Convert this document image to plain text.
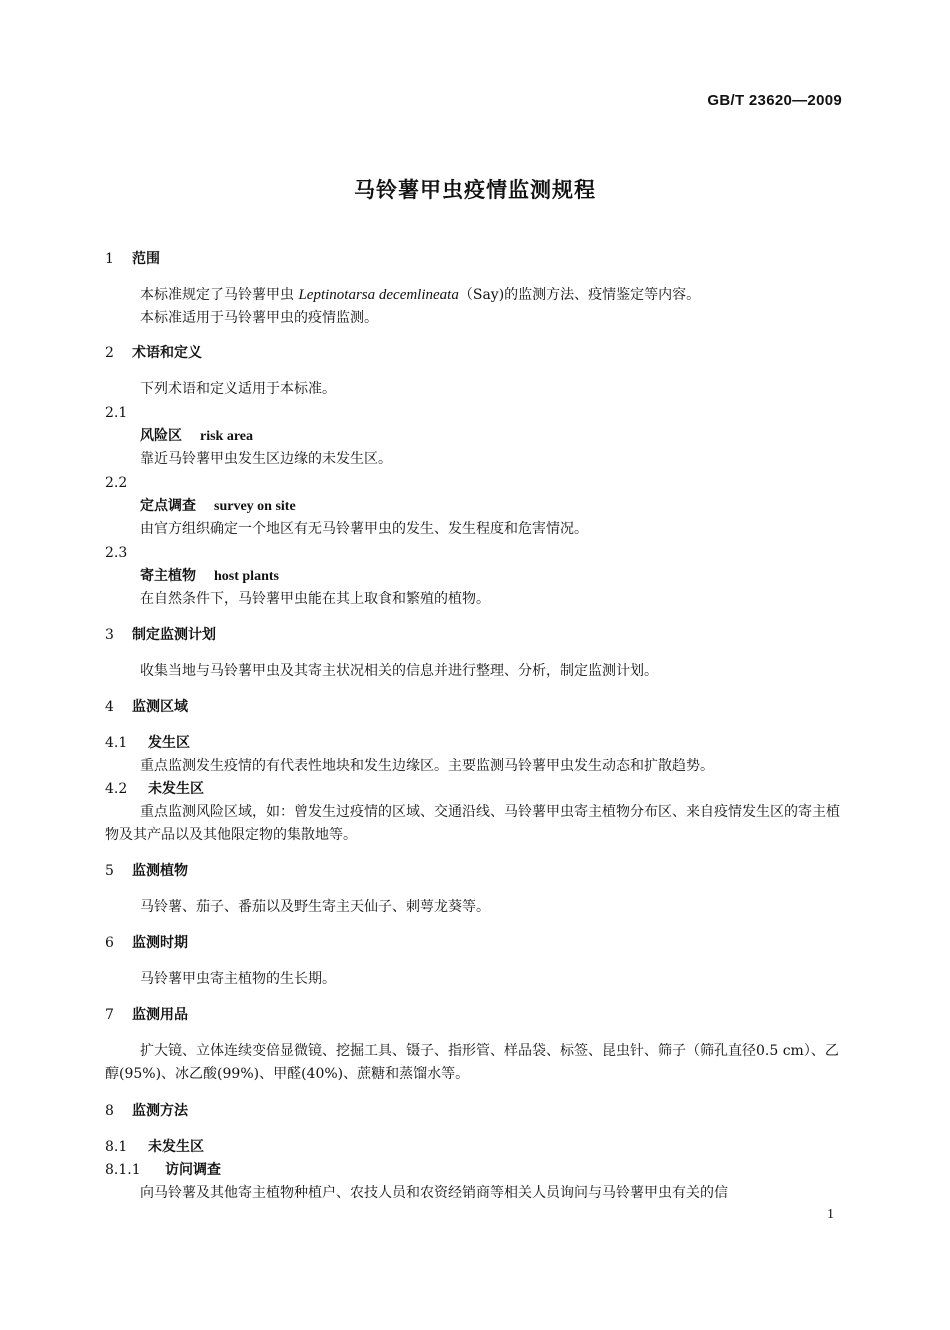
GB/T 23620—2009
马铃薯甲虫疫情监测规程
1 范围
本标准规定了马铃薯甲虫 Leptinotarsa decemlineata（Say)的监测方法、疫情鉴定等内容。
本标准适用于马铃薯甲虫的疫情监测。
2 术语和定义
下列术语和定义适用于本标准。
2.1
风险区 risk area
靠近马铃薯甲虫发生区边缘的未发生区。
2.2
定点调查 survey on site
由官方组织确定一个地区有无马铃薯甲虫的发生、发生程度和危害情况。
2.3
寄主植物 host plants
在自然条件下，马铃薯甲虫能在其上取食和繁殖的植物。
3 制定监测计划
收集当地与马铃薯甲虫及其寄主状况相关的信息并进行整理、分析，制定监测计划。
4 监测区域
4.1 发生区
重点监测发生疫情的有代表性地块和发生边缘区。主要监测马铃薯甲虫发生动态和扩散趋势。
4.2 未发生区
重点监测风险区域，如：曾发生过疫情的区域、交通沿线、马铃薯甲虫寄主植物分布区、来自疫情发生区的寄主植物及其产品以及其他限定物的集散地等。
5 监测植物
马铃薯、茄子、番茄以及野生寄主天仙子、刺萼龙葵等。
6 监测时期
马铃薯甲虫寄主植物的生长期。
7 监测用品
扩大镜、立体连续变倍显微镜、挖掘工具、镊子、指形管、样品袋、标签、昆虫针、筛子（筛孔直径0.5 cm）、乙醇(95%)、冰乙酸(99%)、甲醛(40%)、蔗糖和蒸馏水等。
8 监测方法
8.1 未发生区
8.1.1 访问调查
向马铃薯及其他寄主植物种植户、农技人员和农资经销商等相关人员询问与马铃薯甲虫有关的信
1
